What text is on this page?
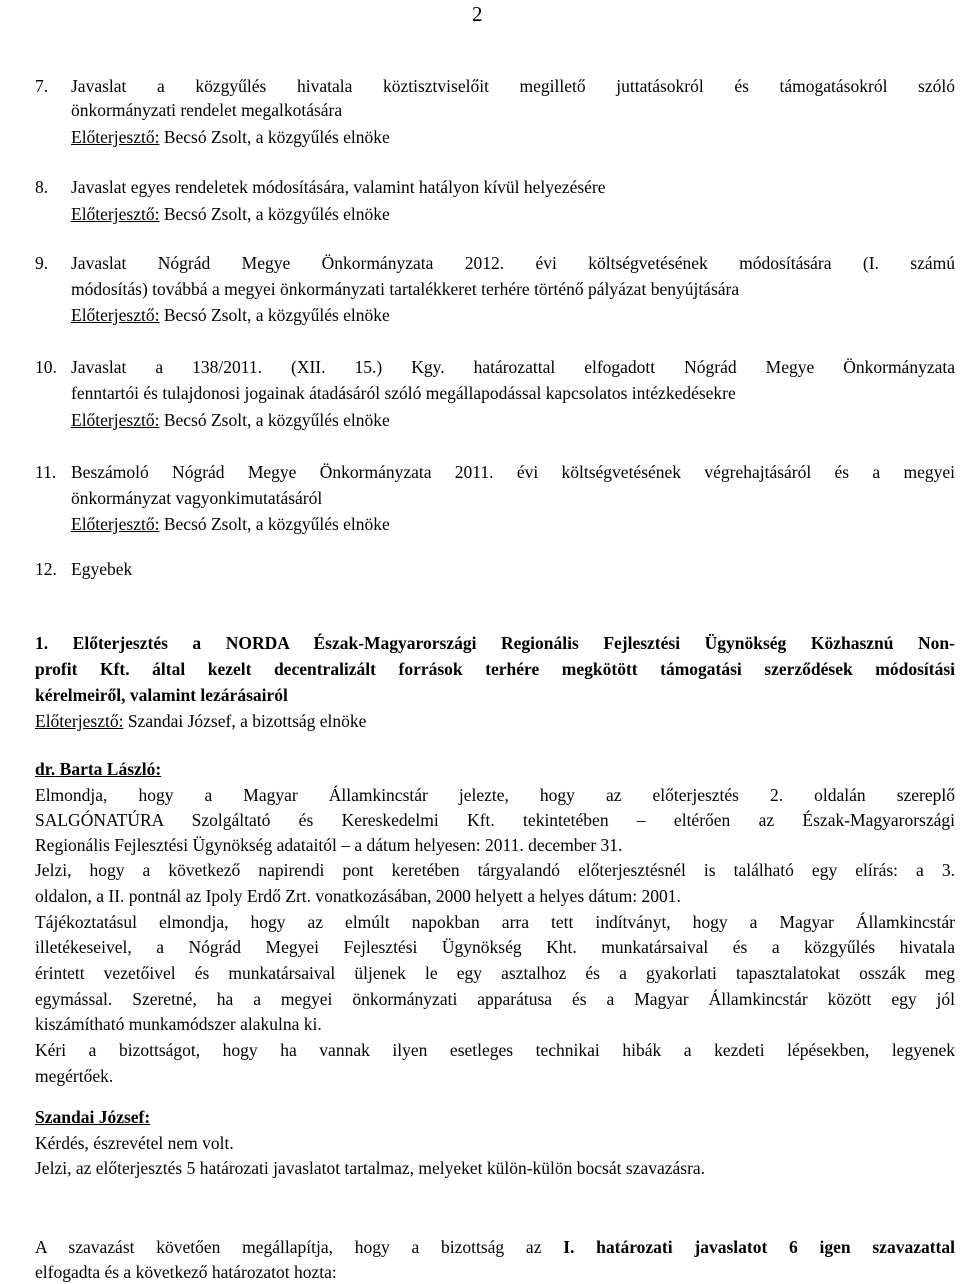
2
7. Javaslat a közgyűlés hivatala köztisztviselőit megillető juttatásokról és támogatásokról szóló
önkormányzati rendelet megalkotására
Előterjesztő: Becsó Zsolt, a közgyűlés elnöke
8. Javaslat egyes rendeletek módosítására, valamint hatályon kívül helyezésére
Előterjesztő: Becsó Zsolt, a közgyűlés elnöke
9. Javaslat Nógrád Megye Önkormányzata 2012. évi költségvetésének módosítására (I. számú
módosítás) továbbá a megyei önkormányzati tartalékkeret terhére történő pályázat benyújtására
Előterjesztő: Becsó Zsolt, a közgyűlés elnöke
10. Javaslat a 138/2011. (XII. 15.) Kgy. határozattal elfogadott Nógrád Megye Önkormányzata
fenntartói és tulajdonosi jogainak átadásáról szóló megállapodással kapcsolatos intézkedésekre
Előterjesztő: Becsó Zsolt, a közgyűlés elnöke
11. Beszámoló Nógrád Megye Önkormányzata 2011. évi költségvetésének végrehajtásáról és a megyei
önkormányzat vagyonkimutatásáról
Előterjesztő: Becsó Zsolt, a közgyűlés elnöke
12. Egyebek
1. Előterjesztés a NORDA Észak-Magyarországi Regionális Fejlesztési Ügynökség Közhasznú Non-
profit Kft. által kezelt decentralizált források terhére megkötött támogatási szerződések módosítási
kérelmeiről, valamint lezárásairól
Előterjesztő: Szandai József, a bizottság elnöke
dr. Barta László:
Elmondja, hogy a Magyar Államkincstár jelezte, hogy az előterjesztés 2. oldalán szereplő
SALGÓNATÚRA Szolgáltató és Kereskedelmi Kft. tekintetében – eltérően az Észak-Magyarországi
Regionális Fejlesztési Ügynökség adataitól – a dátum helyesen: 2011. december 31.
Jelzi, hogy a következő napirendi pont keretében tárgyalandó előterjesztésnél is található egy elírás: a 3.
oldalon, a II. pontnál az Ipoly Erdő Zrt. vonatkozásában, 2000 helyett a helyes dátum: 2001.
Tájékoztatásul elmondja, hogy az elmúlt napokban arra tett indítványt, hogy a Magyar Államkincstár
illetékeseivel, a Nógrád Megyei Fejlesztési Ügynökség Kht. munkatársaival és a közgyűlés hivatala
érintett vezetőivel és munkatársaival üljenek le egy asztalhoz és a gyakorlati tapasztalatokat osszák meg
egymással. Szeretné, ha a megyei önkormányzati apparátusa és a Magyar Államkincstár között egy jól
kiszámítható munkamódszer alakulna ki.
Kéri a bizottságot, hogy ha vannak ilyen esetleges technikai hibák a kezdeti lépésekben, legyenek
megértőek.
Szandai József:
Kérdés, észrevétel nem volt.
Jelzi, az előterjesztés 5 határozati javaslatot tartalmaz, melyeket külön-külön bocsát szavazásra.
A szavazást követően megállapítja, hogy a bizottság az I. határozati javaslatot 6 igen szavazattal
elfogadta és a következő határozatot hozta:
